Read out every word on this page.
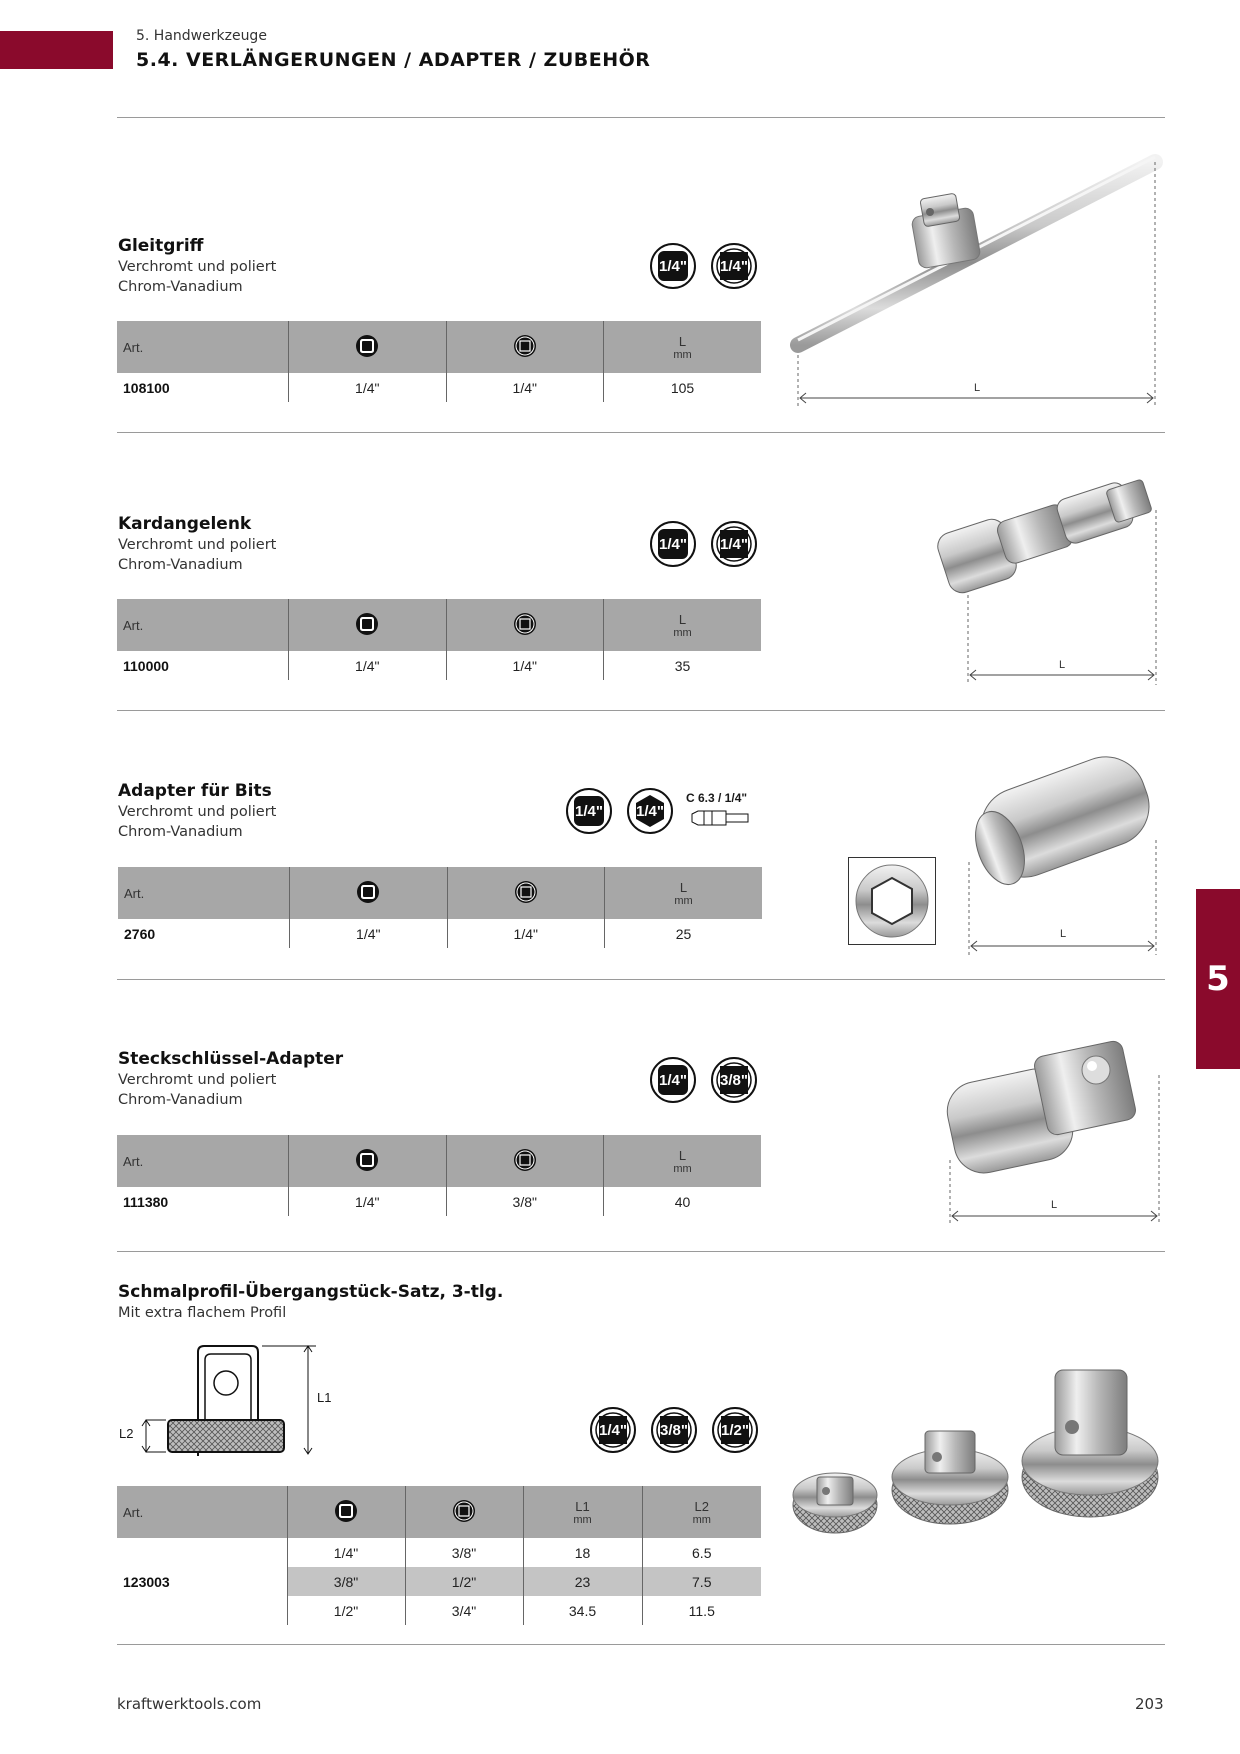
5. Handwerkzeuge
5.4. VERLÄNGERUNGEN / ADAPTER / ZUBEHÖR
5
Gleitgriff
Verchromt und poliert
Chrom-Vanadium
1/4" 1/4"
Art.			L
mm

108100	1/4"	1/4"	105	L
Kardangelenk
Verchromt und poliert
Chrom-Vanadium
1/4" 1/4"
Art.			L
mm

110000	1/4"	1/4"	35	L
Adapter für Bits
Verchromt und poliert
Chrom-Vanadium
1/4" 1/4"
C 6.3 / 1/4"
Art.			L
mm

2760	1/4"	1/4"	25	L
Steckschlüssel-Adapter
Verchromt und poliert
Chrom-Vanadium
1/4" 3/8"
Art.			L
mm

111380	1/4"	3/8"	40	L
Schmalprofil-Übergangstück-Satz, 3-tlg.
Mit extra flachem Profil
L1
L2	1/4" 3/8" 1/2"
Art.			L1
mm	L2
mm

123003	1/4"	3/8"	18	6.5
	3/8"	1/2"	23	7.5
	1/2"	3/4"	34.5	11.5
kraftwerktools.com	203
